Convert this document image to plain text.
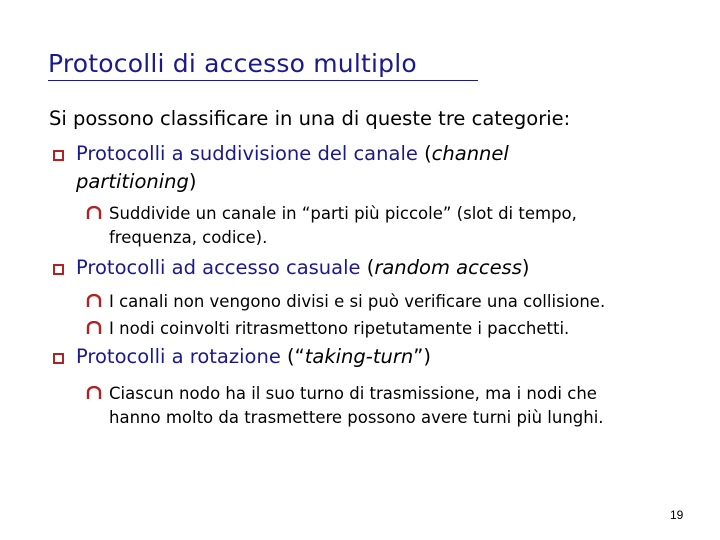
Protocolli di accesso multiplo
Si possono classificare in una di queste tre categorie:
Protocolli a suddivisione del canale (channel
partitioning)
Suddivide un canale in “parti più piccole” (slot di tempo,
frequenza, codice).
Protocolli ad accesso casuale (random access)
I canali non vengono divisi e si può verificare una collisione.
I nodi coinvolti ritrasmettono ripetutamente i pacchetti.
Protocolli a rotazione (“taking-turn”)
Ciascun nodo ha il suo turno di trasmissione, ma i nodi che
hanno molto da trasmettere possono avere turni più lunghi.
19
